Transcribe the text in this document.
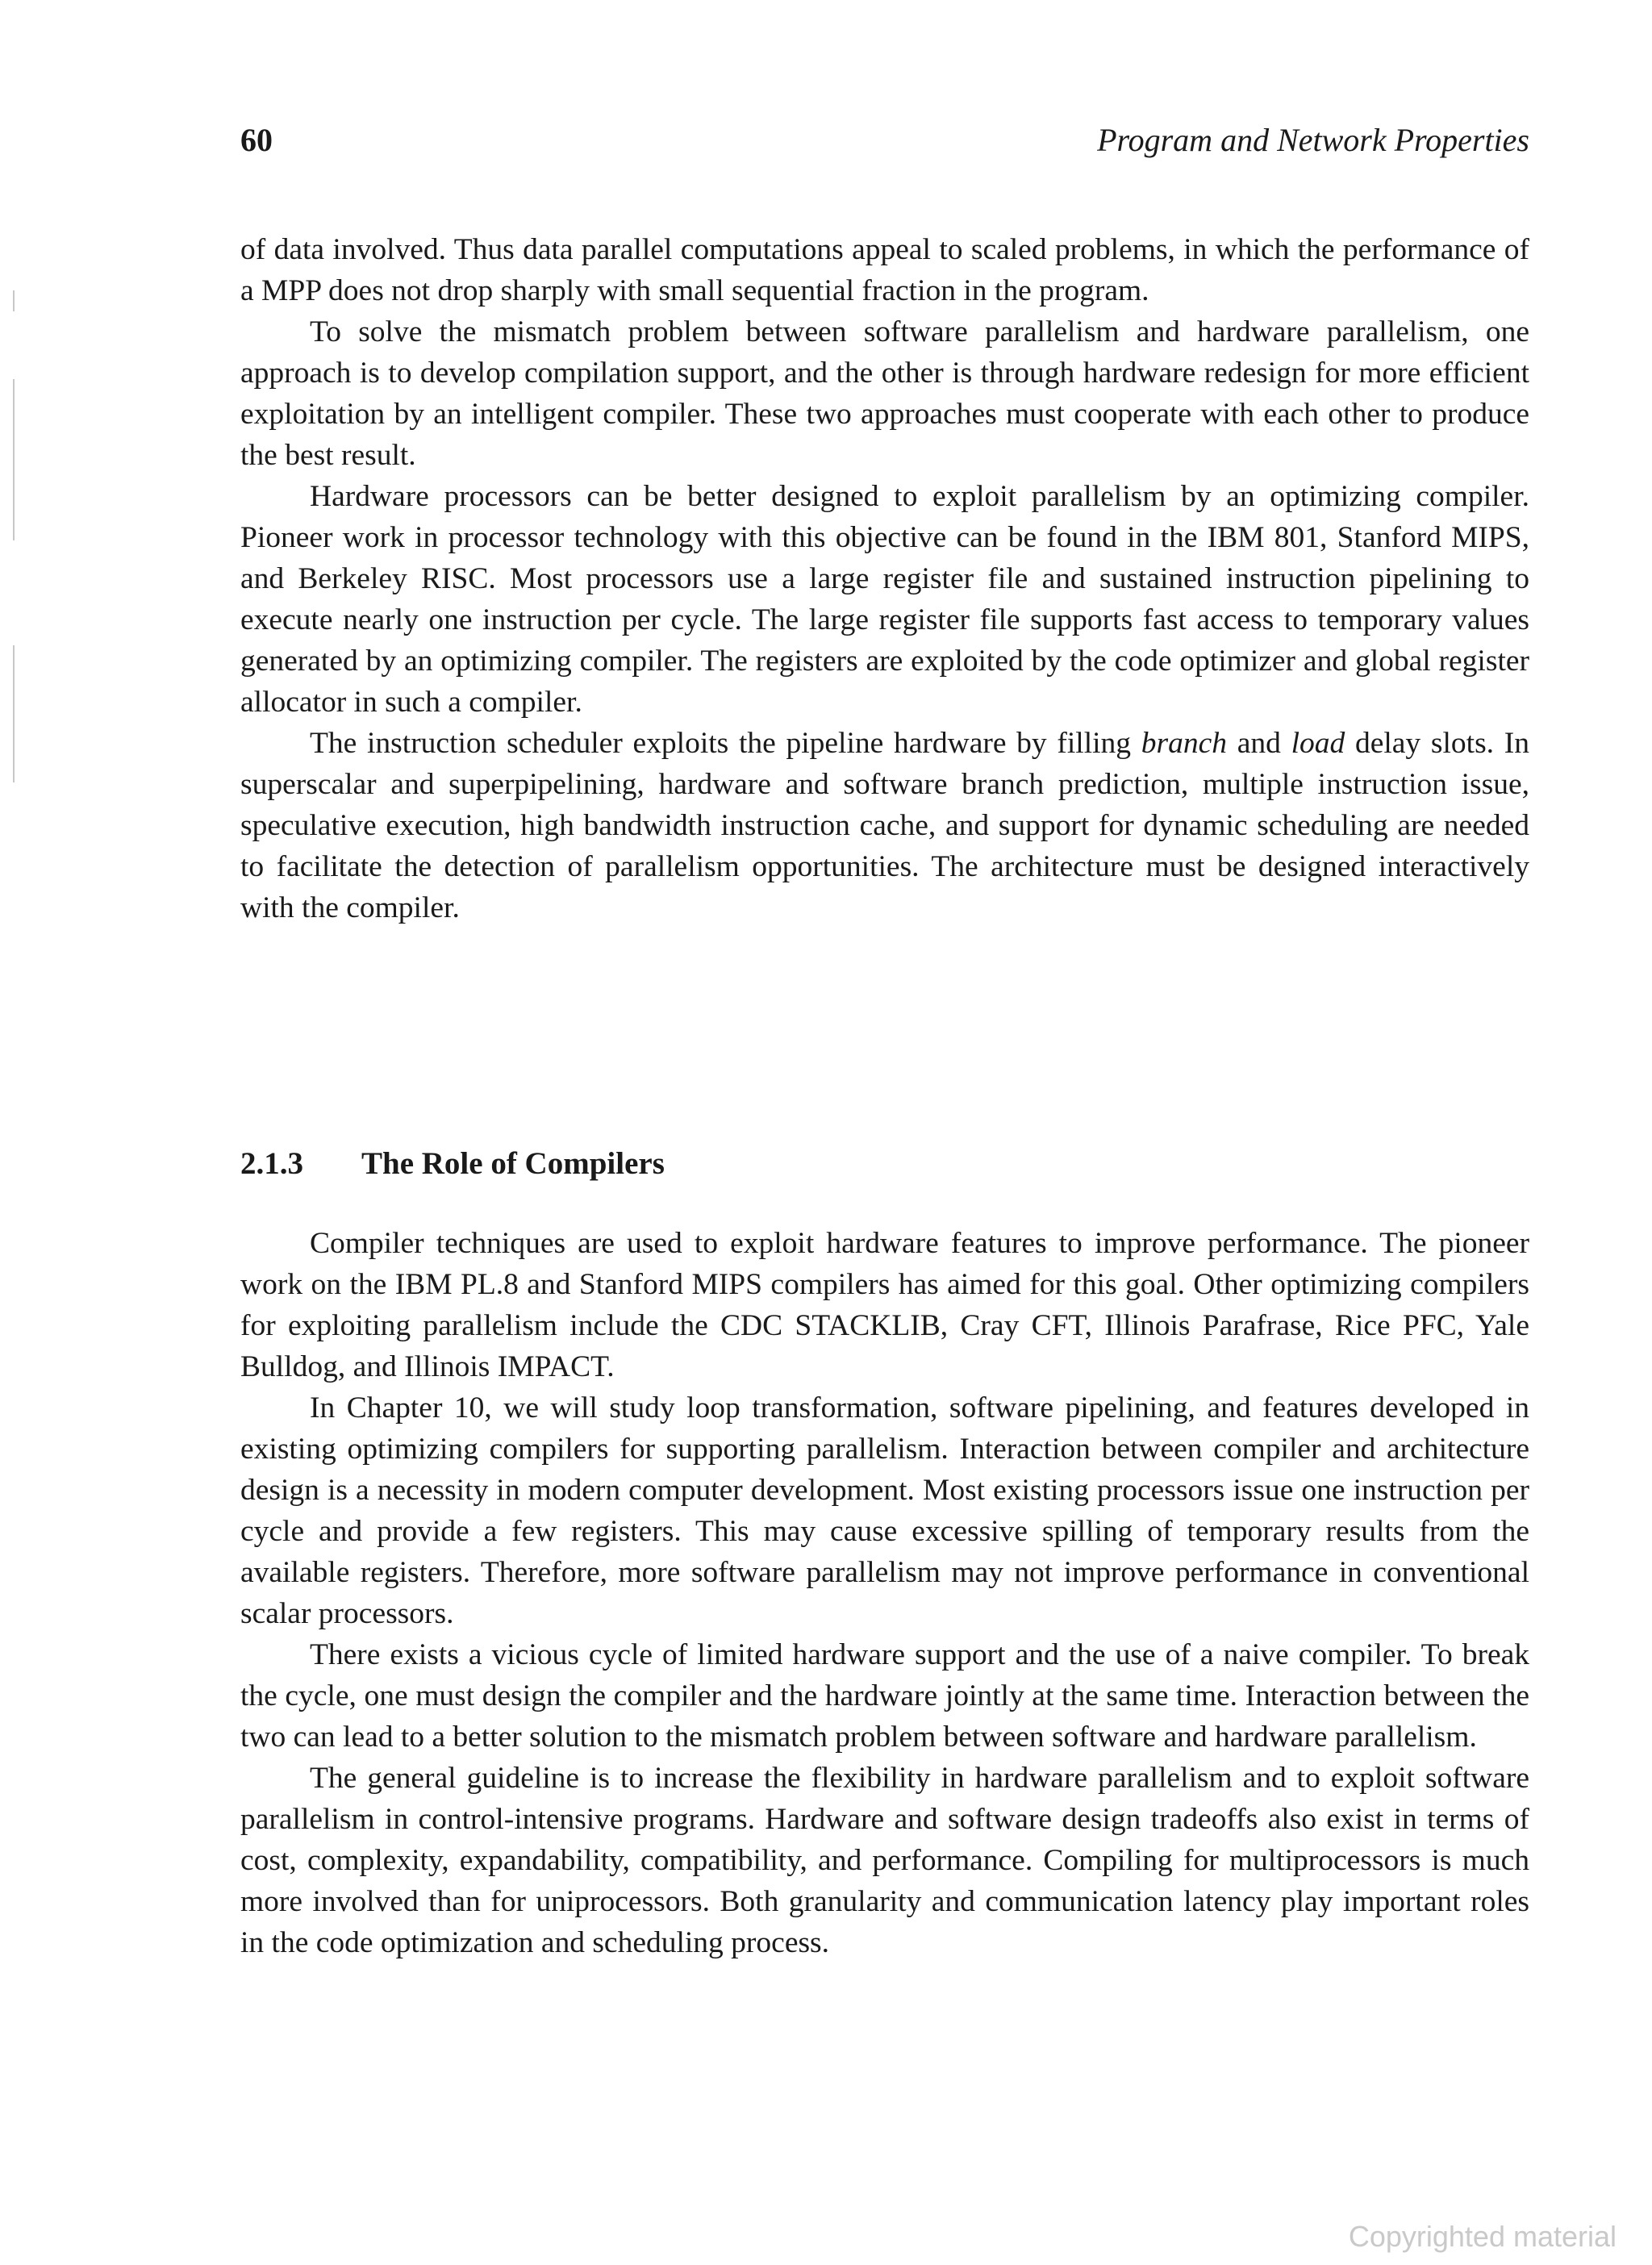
60	Program and Network Properties

of data involved. Thus data parallel computations appeal to scaled problems, in which the performance of a MPP does not drop sharply with small sequential fraction in the program.

To solve the mismatch problem between software parallelism and hardware parallelism, one approach is to develop compilation support, and the other is through hardware redesign for more efficient exploitation by an intelligent compiler. These two approaches must cooperate with each other to produce the best result.

Hardware processors can be better designed to exploit parallelism by an optimizing compiler. Pioneer work in processor technology with this objective can be found in the IBM 801, Stanford MIPS, and Berkeley RISC. Most processors use a large register file and sustained instruction pipelining to execute nearly one instruction per cycle. The large register file supports fast access to temporary values generated by an optimizing compiler. The registers are exploited by the code optimizer and global register allocator in such a compiler.

The instruction scheduler exploits the pipeline hardware by filling branch and load delay slots. In superscalar and superpipelining, hardware and software branch prediction, multiple instruction issue, speculative execution, high bandwidth instruction cache, and support for dynamic scheduling are needed to facilitate the detection of parallelism opportunities. The architecture must be designed interactively with the compiler.

2.1.3 The Role of Compilers

Compiler techniques are used to exploit hardware features to improve performance. The pioneer work on the IBM PL.8 and Stanford MIPS compilers has aimed for this goal. Other optimizing compilers for exploiting parallelism include the CDC STACKLIB, Cray CFT, Illinois Parafrase, Rice PFC, Yale Bulldog, and Illinois IMPACT.

In Chapter 10, we will study loop transformation, software pipelining, and features developed in existing optimizing compilers for supporting parallelism. Interaction between compiler and architecture design is a necessity in modern computer development. Most existing processors issue one instruction per cycle and provide a few registers. This may cause excessive spilling of temporary results from the available registers. Therefore, more software parallelism may not improve performance in conventional scalar processors.

There exists a vicious cycle of limited hardware support and the use of a naive compiler. To break the cycle, one must design the compiler and the hardware jointly at the same time. Interaction between the two can lead to a better solution to the mismatch problem between software and hardware parallelism.

The general guideline is to increase the flexibility in hardware parallelism and to exploit software parallelism in control-intensive programs. Hardware and software design tradeoffs also exist in terms of cost, complexity, expandability, compatibility, and performance. Compiling for multiprocessors is much more involved than for uniprocessors. Both granularity and communication latency play important roles in the code optimization and scheduling process.

Copyrighted material
